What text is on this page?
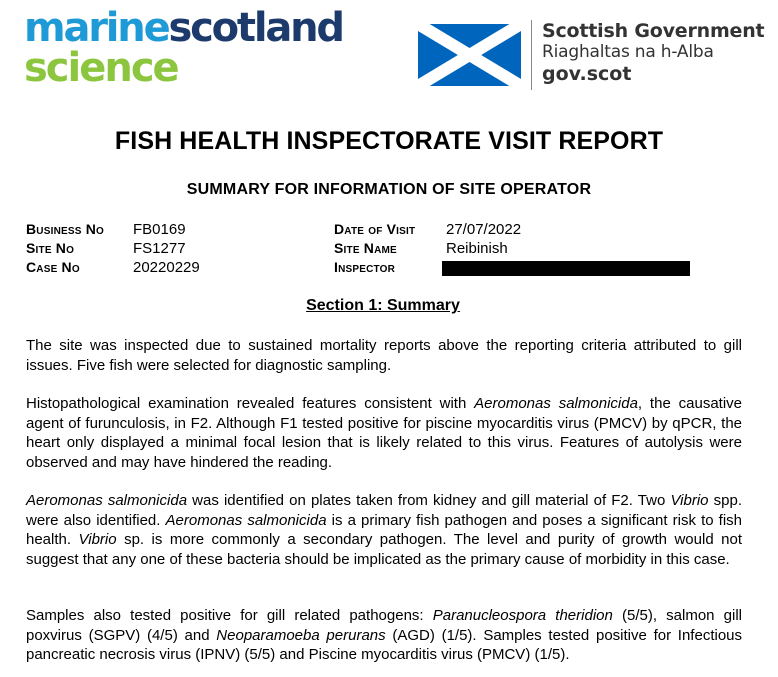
marinescotland
science
Scottish Government
Riaghaltas na h-Alba
gov.scot
FISH HEALTH INSPECTORATE VISIT REPORT
SUMMARY FOR INFORMATION OF SITE OPERATOR
Business No FB0169
Site No	FS1277
Case No	20220229
Date of Visit 27/07/2022
Site Name	Reibinish
Inspector
Section 1: Summary

The site was inspected due to sustained mortality reports above the reporting criteria attributed to gill issues. Five fish were selected for diagnostic sampling.

Histopathological examination revealed features consistent with Aeromonas salmonicida, the causative agent of furunculosis, in F2. Although F1 tested positive for piscine myocarditis virus (PMCV) by qPCR, the heart only displayed a minimal focal lesion that is likely related to this virus. Features of autolysis were observed and may have hindered the reading.

Aeromonas salmonicida was identified on plates taken from kidney and gill material of F2. Two Vibrio spp. were also identified. Aeromonas salmonicida is a primary fish pathogen and poses a significant risk to fish health. Vibrio sp. is more commonly a secondary pathogen. The level and purity of growth would not suggest that any one of these bacteria should be implicated as the primary cause of morbidity in this case.

Samples also tested positive for gill related pathogens: Paranucleospora theridion (5/5), salmon gill poxvirus (SGPV) (4/5) and Neoparamoeba perurans (AGD) (1/5). Samples tested positive for Infectious pancreatic necrosis virus (IPNV) (5/5) and Piscine myocarditis virus (PMCV) (1/5).
